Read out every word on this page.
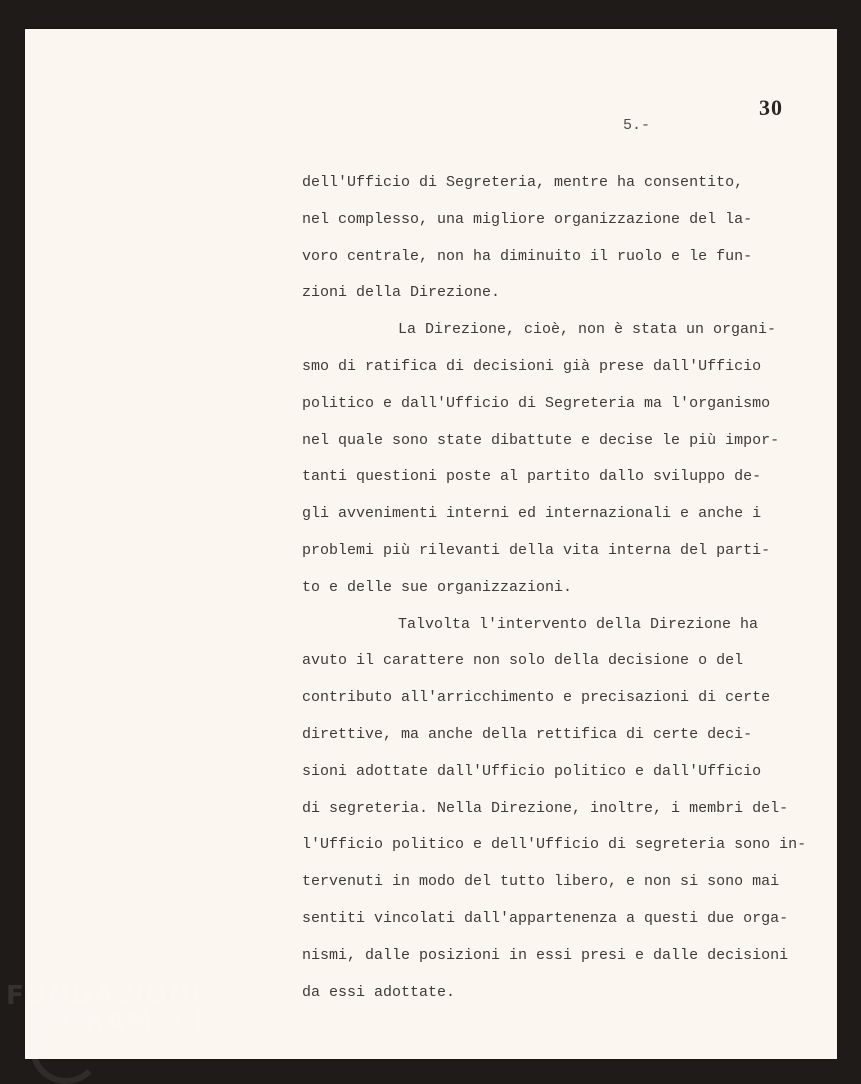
30
5.-
dell'Ufficio di Segreteria, mentre ha consentito,
nel complesso, una migliore organizzazione del la-
voro centrale, non ha diminuito il ruolo e le fun-
zioni della Direzione.
La Direzione, cioè, non è stata un organi-
smo di ratifica di decisioni già prese dall'Ufficio
politico e dall'Ufficio di Segreteria ma l'organismo
nel quale sono state dibattute e decise le più impor-
tanti questioni poste al partito dallo sviluppo de-
gli avvenimenti interni ed internazionali e anche i
problemi più rilevanti della vita interna del parti-
to e delle sue organizzazioni.
Talvolta l'intervento della Direzione ha
avuto il carattere non solo della decisione o del
contributo all'arricchimento e precisazioni di certe
direttive, ma anche della rettifica di certe deci-
sioni adottate dall'Ufficio politico e dall'Ufficio
di segreteria. Nella Direzione, inoltre, i membri del-
l'Ufficio politico e dell'Ufficio di segreteria sono in-
tervenuti in modo del tutto libero, e non si sono mai
sentiti vincolati dall'appartenenza a questi due orga-
nismi, dalle posizioni in essi presi e dalle decisioni
da essi adottate.
FONDAZIONE
GRAMSCI
